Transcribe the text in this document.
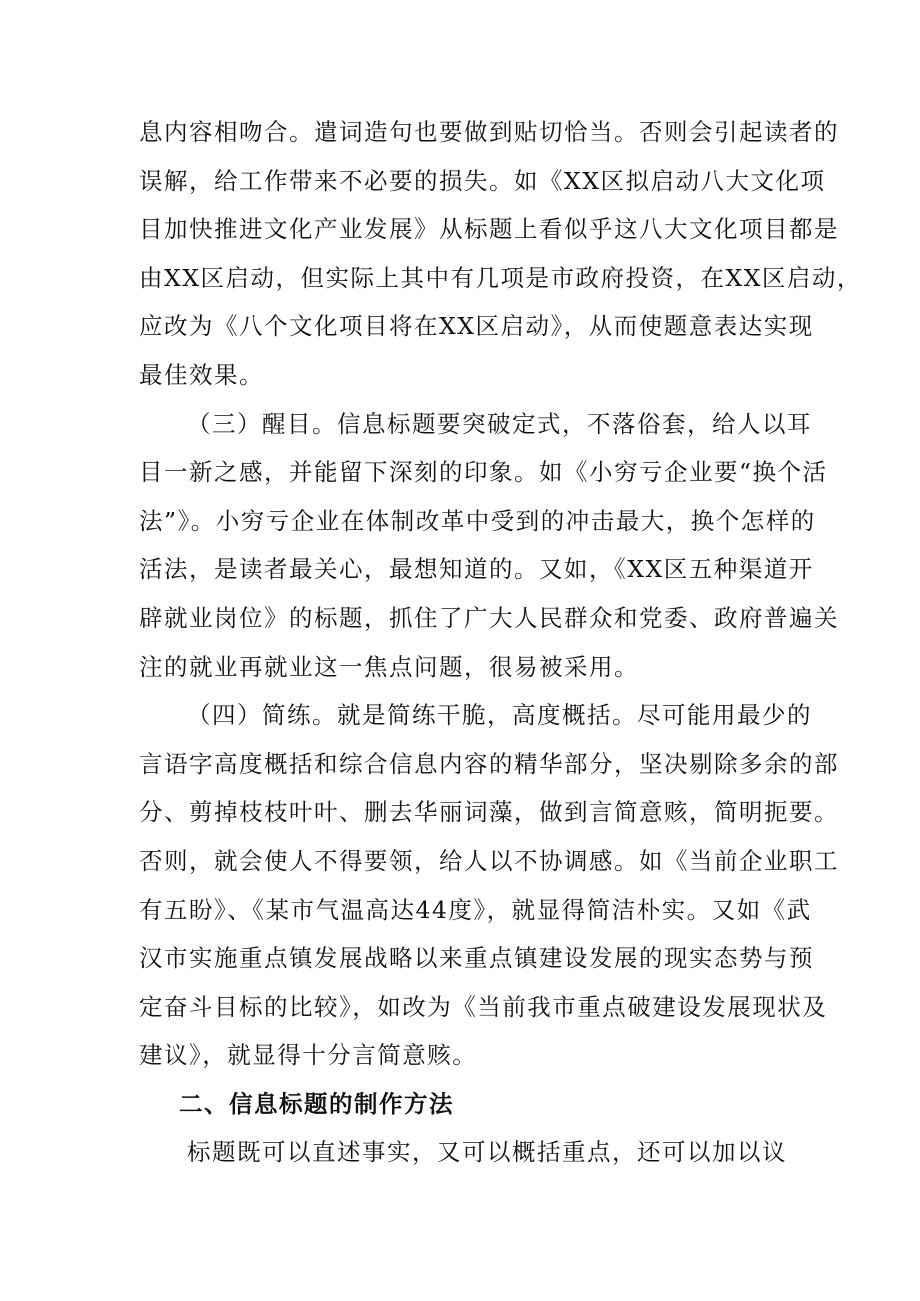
息内容相吻合。遣词造句也要做到贴切恰当。否则会引起读者的
误解，给工作带来不必要的损失。如《XX区拟启动八大文化项
目加快推进文化产业发展》从标题上看似乎这八大文化项目都是
由XX区启动，但实际上其中有几项是市政府投资，在XX区启动，
应改为《八个文化项目将在XX区启动》，从而使题意表达实现
最佳效果。
（三）醒目。信息标题要突破定式，不落俗套，给人以耳
目一新之感，并能留下深刻的印象。如《小穷亏企业要“换个活
法”》。小穷亏企业在体制改革中受到的冲击最大，换个怎样的
活法，是读者最关心，最想知道的。又如，《XX区五种渠道开
辟就业岗位》的标题，抓住了广大人民群众和党委、政府普遍关
注的就业再就业这一焦点问题，很易被采用。
（四）简练。就是简练干脆，高度概括。尽可能用最少的
言语字高度概括和综合信息内容的精华部分，坚决剔除多余的部
分、剪掉枝枝叶叶、删去华丽词藻，做到言简意赅，简明扼要。
否则，就会使人不得要领，给人以不协调感。如《当前企业职工
有五盼》、《某市气温高达44度》，就显得简洁朴实。又如《武
汉市实施重点镇发展战略以来重点镇建设发展的现实态势与预
定奋斗目标的比较》，如改为《当前我市重点破建设发展现状及
建议》，就显得十分言简意赅。
二、信息标题的制作方法
标题既可以直述事实，又可以概括重点，还可以加以议
